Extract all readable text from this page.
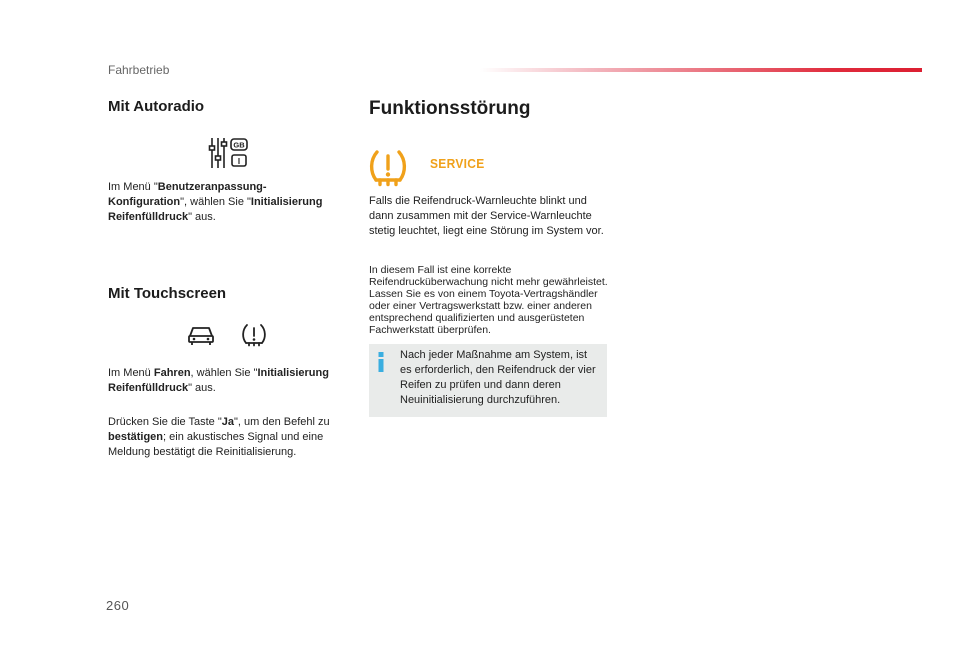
Fahrbetrieb
Mit Autoradio
GB
I
Im Menü "Benutzeranpassung-Konfiguration", wählen Sie "Initialisierung Reifenfülldruck" aus.
Mit Touchscreen
Im Menü Fahren, wählen Sie "Initialisierung Reifenfülldruck" aus.
Drücken Sie die Taste "Ja", um den Befehl zu bestätigen; ein akustisches Signal und eine Meldung bestätigt die Reinitialisierung.
Funktionsstörung
SERVICE
Falls die Reifendruck-Warnleuchte blinkt und dann zusammen mit der Service-Warnleuchte stetig leuchtet, liegt eine Störung im System vor.
In diesem Fall ist eine korrekte Reifendrucküberwachung nicht mehr gewährleistet. Lassen Sie es von einem Toyota-Vertragshändler oder einer Vertragswerkstatt bzw. einer anderen entsprechend qualifizierten und ausgerüsteten Fachwerkstatt überprüfen.
Nach jeder Maßnahme am System, ist es erforderlich, den Reifendruck der vier Reifen zu prüfen und dann deren Neuinitialisierung durchzuführen.
260
